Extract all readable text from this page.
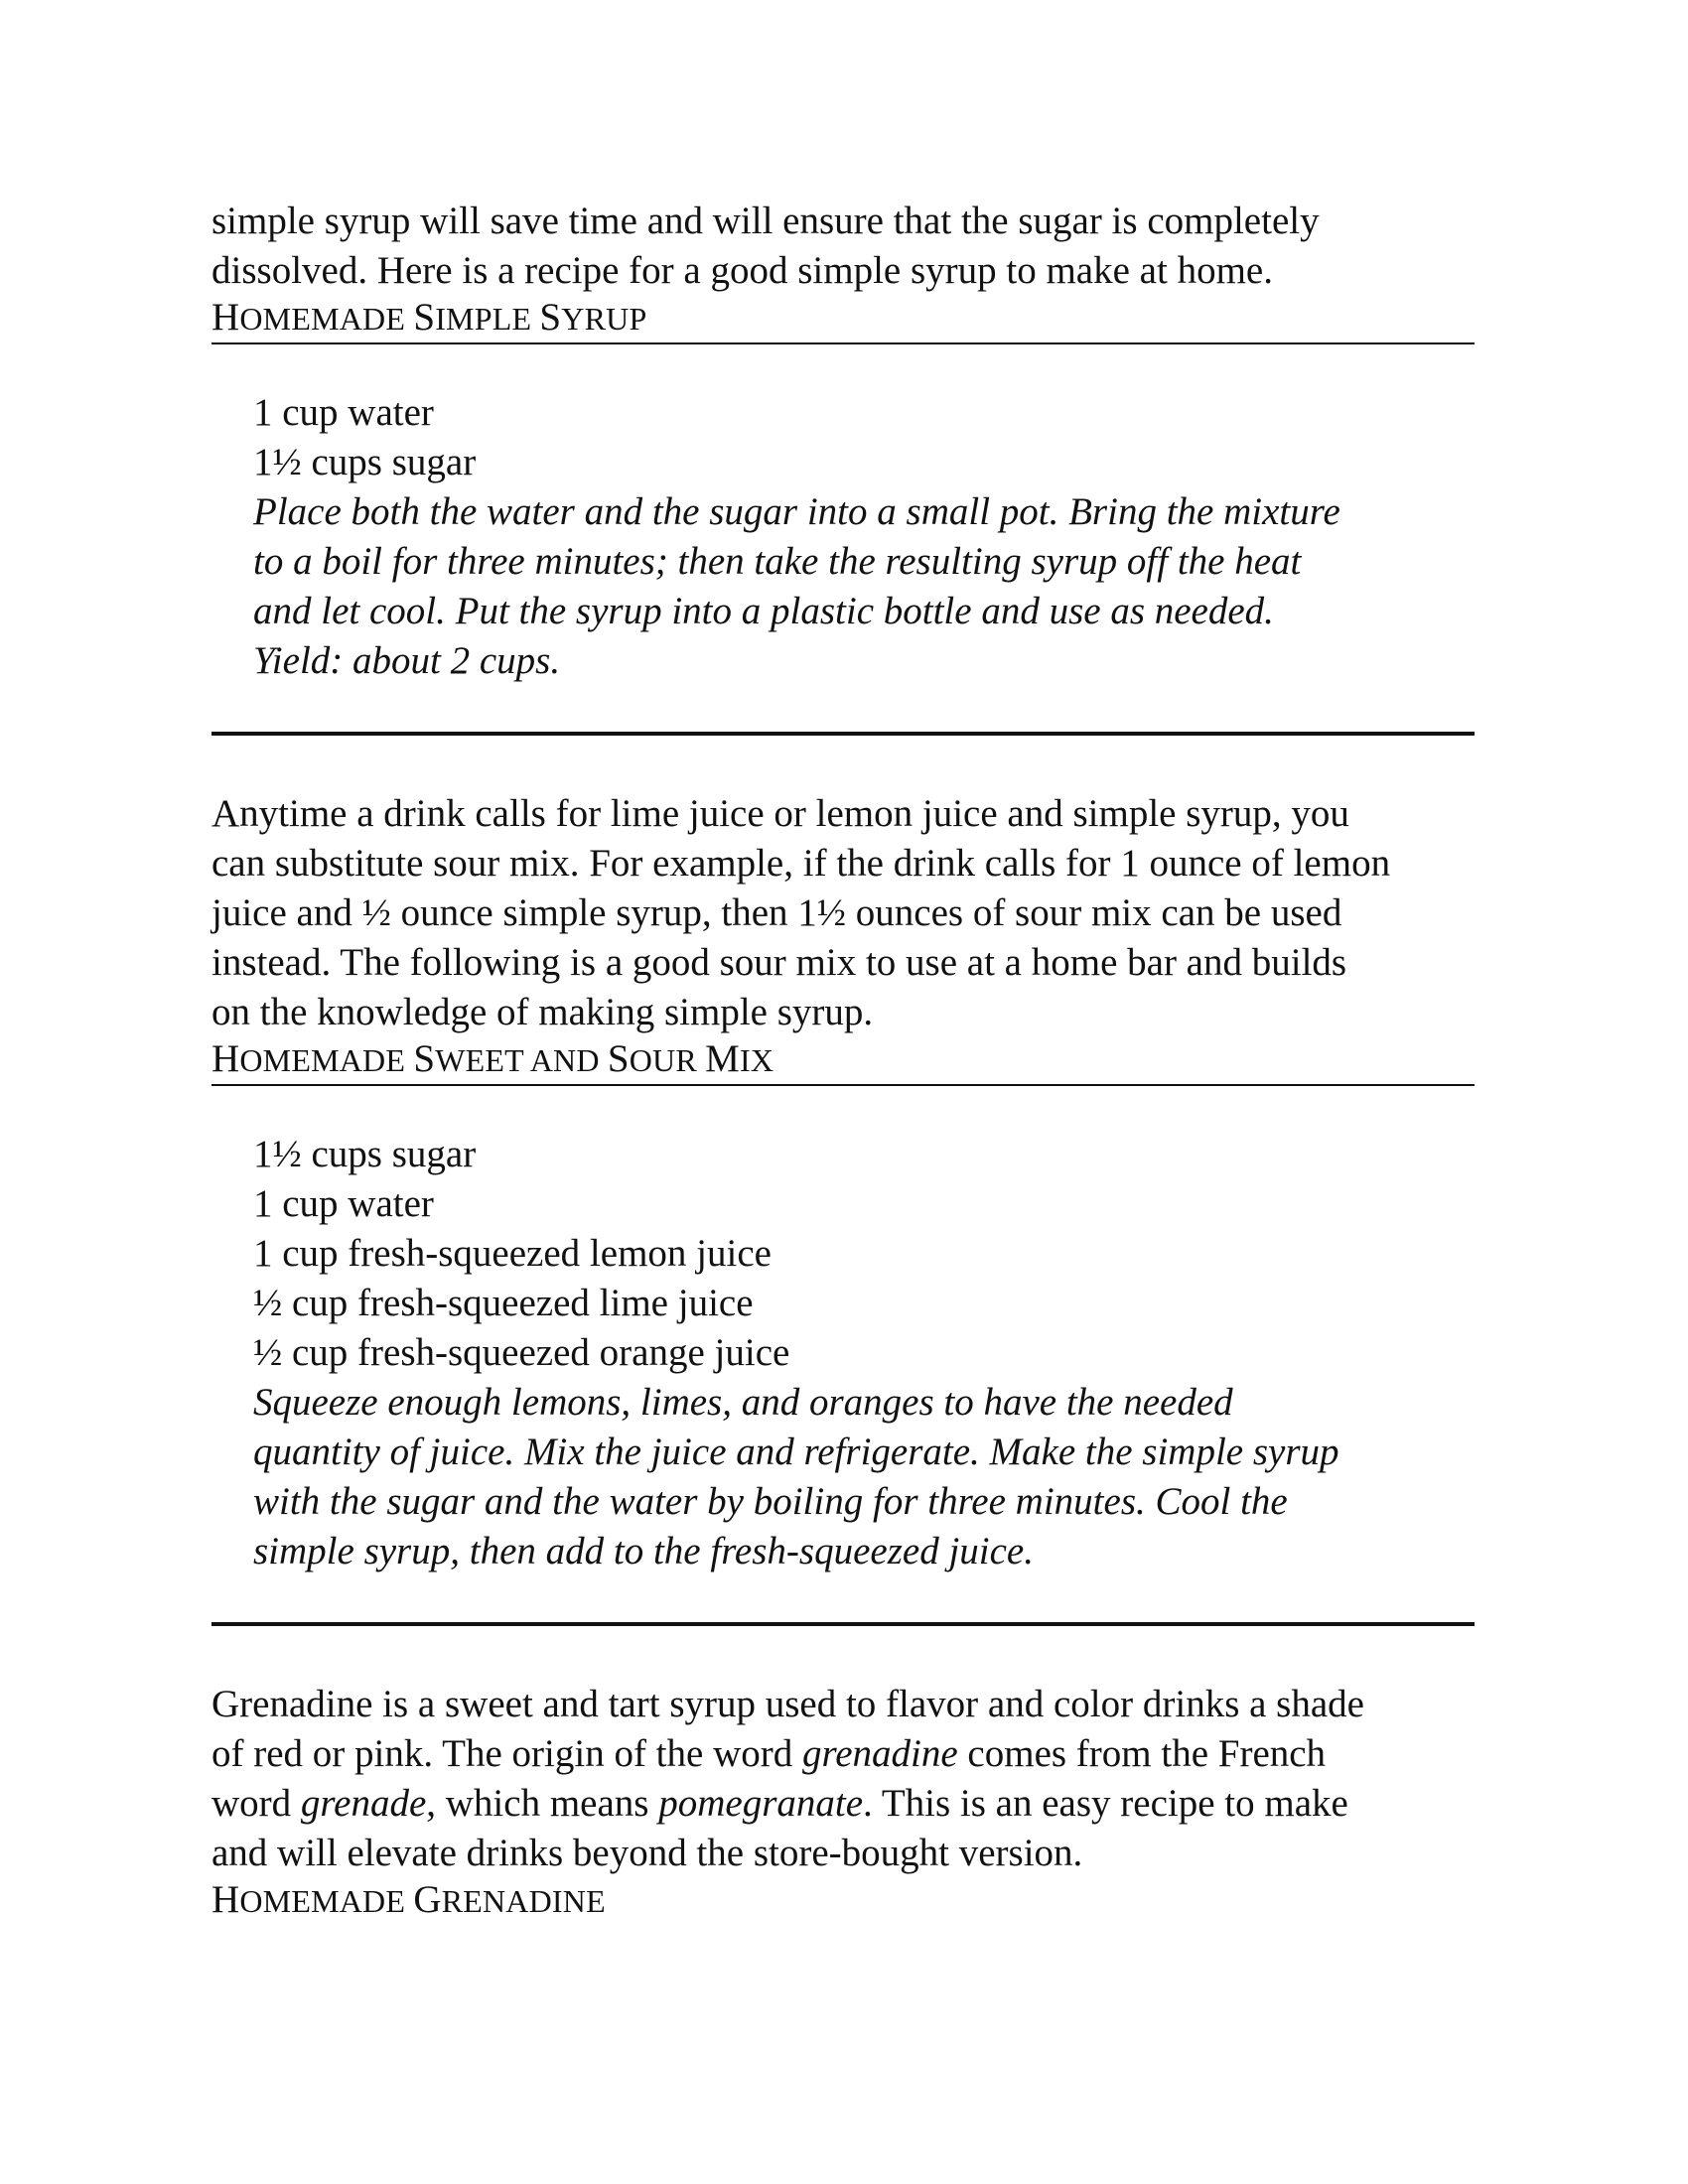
simple syrup will save time and will ensure that the sugar is completely
dissolved. Here is a recipe for a good simple syrup to make at home.

HOMEMADE SIMPLE SYRUP
1 cup water
1½ cups sugar
Place both the water and the sugar into a small pot. Bring the mixture
to a boil for three minutes; then take the resulting syrup off the heat
and let cool. Put the syrup into a plastic bottle and use as needed.
Yield: about 2 cups.

Anytime a drink calls for lime juice or lemon juice and simple syrup, you
can substitute sour mix. For example, if the drink calls for 1 ounce of lemon
juice and ½ ounce simple syrup, then 1½ ounces of sour mix can be used
instead. The following is a good sour mix to use at a home bar and builds
on the knowledge of making simple syrup.

HOMEMADE SWEET AND SOUR MIX
1½ cups sugar
1 cup water
1 cup fresh-squeezed lemon juice
½ cup fresh-squeezed lime juice
½ cup fresh-squeezed orange juice
Squeeze enough lemons, limes, and oranges to have the needed
quantity of juice. Mix the juice and refrigerate. Make the simple syrup
with the sugar and the water by boiling for three minutes. Cool the
simple syrup, then add to the fresh-squeezed juice.

Grenadine is a sweet and tart syrup used to flavor and color drinks a shade
of red or pink. The origin of the word grenadine comes from the French
word grenade, which means pomegranate. This is an easy recipe to make
and will elevate drinks beyond the store-bought version.

HOMEMADE GRENADINE
